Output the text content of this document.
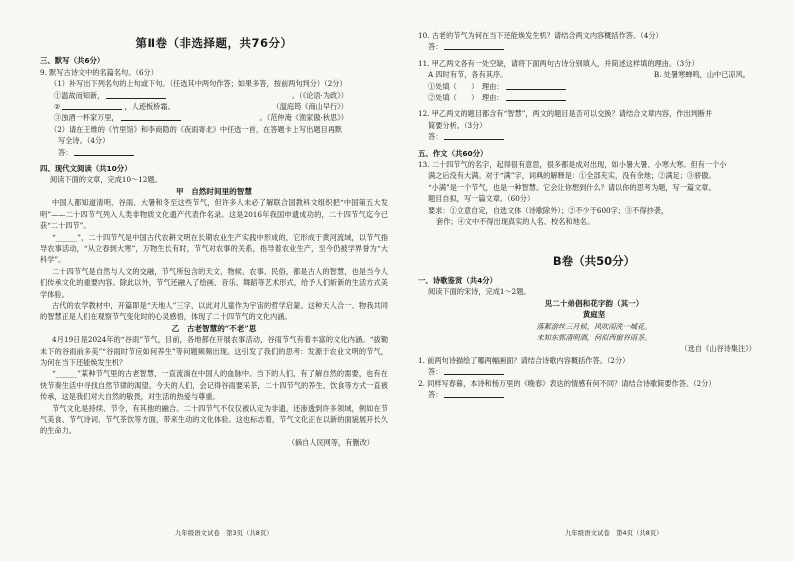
第Ⅱ卷（非选择题，共76分）
三、默写（共6分）
9. 默写古诗文中的名篇名句。（6分）
（1）补写出下列名句的上句或下句。（任选其中两句作答；如果多答，按前两句判分）（2分）
①温故而知新，	。（《论语·为政》）
②	，人迹板桥霜。	（温庭筠《商山早行》）
③浊酒一杯家万里，	。（范仲淹《渔家傲·秋思》）
（2）请在王维的《竹里馆》和李商隐的《夜雨寄北》中任选一首，在答题卡上写出题目再默
写全诗。（4分）
答：
四、现代文阅读（共10分）
阅读下面的文章，完成10～12题。
甲　自然时间里的智慧
中国人都知道清明、谷雨、大暑和冬至这些节气，但许多人未必了解联合国教科文组织把“中国第五大发明”——二十四节气列入人类非物质文化遗产代表作名录。这是2016年我国申遗成功的，二十四节气迄今已获“二十四节”。
“______”，二十四节气是中国古代农耕文明在长期农业生产实践中形成的，它形成于黄河流域，以节气指导农事活动，“从立春到大寒”，万物生长有时，节气对农事的关系，指导着农业生产，至今仍被学界誉为“大科学”。
二十四节气是自然与人文的交融，节气所包含的天文、物候、农事、民俗，都是古人的智慧，也是当今人们传承文化的重要内容。除此以外，节气还融入了绘画、音乐、舞蹈等艺术形式，给予人们斩新的生活方式美学体验。
古代的农学教材中，开篇即是“天地人”三字，以此对儿童作为宇宙的哲学启蒙。这种天人合一、物我共同的智慧正是人们在观察节气变化时的心灵感悟，体现了二十四节气的文化内涵。
乙　古老智慧的“不老”思
4月19日是2024年的“谷雨”节气，目前，各地都在开展农事活动，谷雨节气有着丰富的文化内涵。“拔锄未下的谷雨前多美”“谷雨时节应如何养生”等问题频频出现。这引发了我们的思考：发源于农业文明的节气，为何在当下还能焕发生机？
“______”某种节气里的古老智慧，一直流淌在中国人的血脉中。当下的人们，有了解自然的需要，也有在快节奏生活中寻找自然节律的渴望。今天的人们，会记得谷雨要采茶，二十四节气的养生、饮食等方式一直被传承，这是我们对大自然的敬畏，对生活的热爱与尊重。
节气文化是持续、节令，有其他的融合。二十四节气不仅仅被认定为非遗，还渗透到许多领域，例如在节气美食、节气诗词、节气茶饮等方面，带来生动的文化体验。这也标志着，节气文化正在以新的面貌展开长久的生命力。
（摘自人民网等，有删改）
10. 古老的节气为何在当下还能焕发生机？请结合两文内容概括作答。（4分）
答：
11. 甲乙两文各有一处空缺，请将下面两句古诗分别填入，并简述这样填的理由。（3分）
A 四时有节，各有其序。	B. 处暑寒蝉鸣，山中已凉风。
①处填（　　）　 理由：
②处填（　　）　 理由：
12. 甲乙两文的题目都含有“智慧”，两文的题目是否可以交换？请结合文章内容，作出判断并
简要分析。（3分）
答：
五、作文（共60分）
13. 二十四节气的名字，起得很有意思，很多都是成对出现，如小暑大暑、小寒大寒。但有一个小
满之后没有大满。对于“满”字，词典的解释是：①全部充实，没有余地；②满足；③骄傲。
“小满”是一个节气，也是一种智慧。它会让你想到什么？请以你的思考为题，写一篇文章。
题目自拟，写一篇文章。（60分）
要求：①立意自定，自选文体（诗歌除外）；②不少于600字；③不得抄袭，
套作；④文中不得出现真实的人名、校名和地名。
B卷（共50分）
一、诗歌鉴赏（共4分）
阅读下面的宋诗，完成1～2题。
见二十弟倡和花字韵（其一）
黄庭坚
落絮游丝三月候，风吹雨洗一城花。
未知东郭清明酒，何似西窗谷雨茶。
（选自《山谷诗集注》）
1. 前两句诗描绘了哪两幅画面？请结合诗歌内容概括作答。（2分）
答：
2. 同样写春暮，本诗和杨万里的《晚春》表达的情感有何不同？请结合诗歌简要作答。（2分）
答：
九年级语文试卷　第3页（共8页）	九年级语文试卷　第4页（共8页）
